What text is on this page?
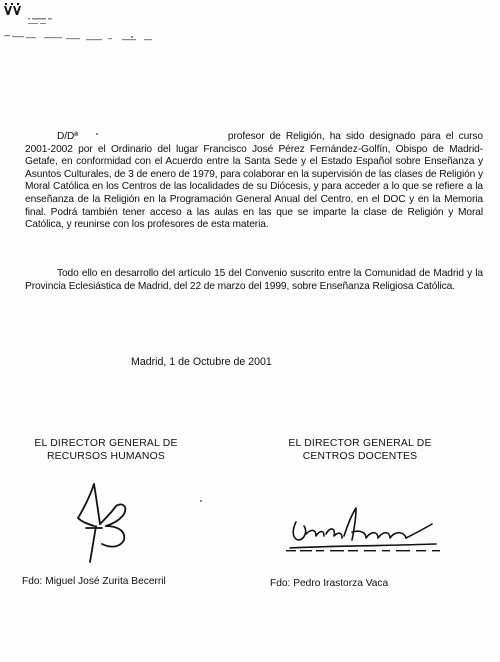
D/Dª	profesor de Religión, ha sido designado para el curso 2001-2002 por el Ordinario del lugar Francisco José Pérez Fernández-Golfín, Obispo de Madrid-Getafe, en conformidad con el Acuerdo entre la Santa Sede y el Estado Español sobre Enseñanza y Asuntos Culturales, de 3 de enero de 1979, para colaborar en la supervisión de las clases de Religión y Moral Católica en los Centros de las localidades de su Diócesis, y para acceder a lo que se refiere a la enseñanza de la Religión en la Programación General Anual del Centro, en el DOC y en la Memoria final. Podrá también tener acceso a las aulas en las que se imparte la clase de Religión y Moral Católica, y reunirse con los profesores de esta materia.

Todo ello en desarrollo del artículo 15 del Convenio suscrito entre la Comunidad de Madrid y la Provincia Eclesiástica de Madrid, del 22 de marzo del 1999, sobre Enseñanza Religiosa Católica.

Madrid, 1 de Octubre de 2001

EL DIRECTOR GENERAL DE
RECURSOS HUMANOS

EL DIRECTOR GENERAL DE
CENTROS DOCENTES

Fdo: Miguel José Zurita Becerril	Fdo: Pedro Irastorza Vaca
